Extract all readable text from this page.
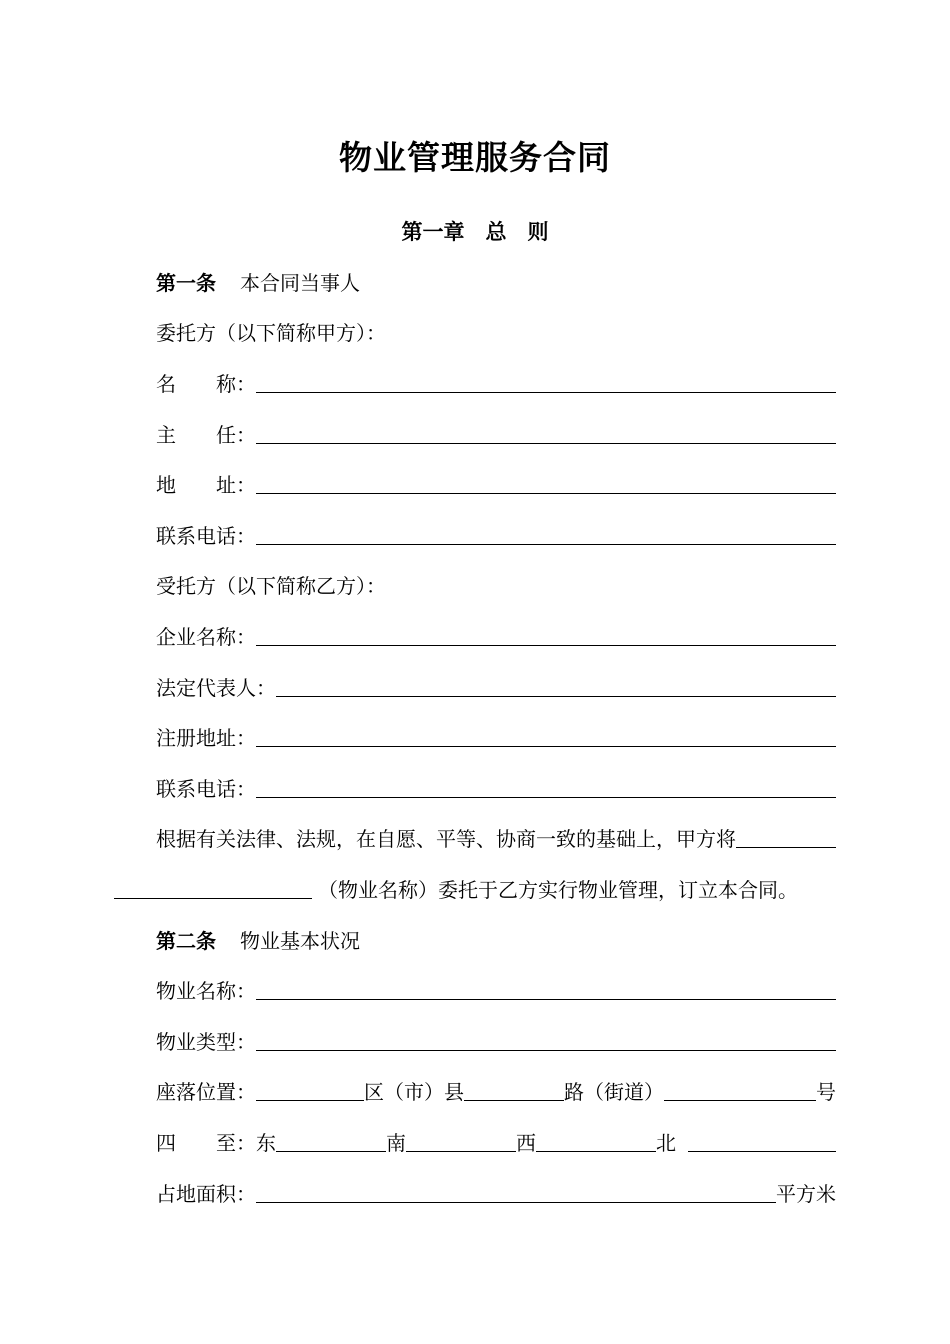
物业管理服务合同
第一章　总　则
第一条 本合同当事人
委托方（以下简称甲方）：
名　　称：
主　　任：
地　　址：
联系电话：
受托方（以下简称乙方）：
企业名称：
法定代表人：
注册地址：
联系电话：
根据有关法律、法规，在自愿、平等、协商一致的基础上，甲方将
（物业名称）委托于乙方实行物业管理，订立本合同。
第二条 物业基本状况
物业名称：
物业类型：
座落位置：	区（市）县	路（街道）	号
四　　至： 东	南	西	北
占地面积：	平方米
